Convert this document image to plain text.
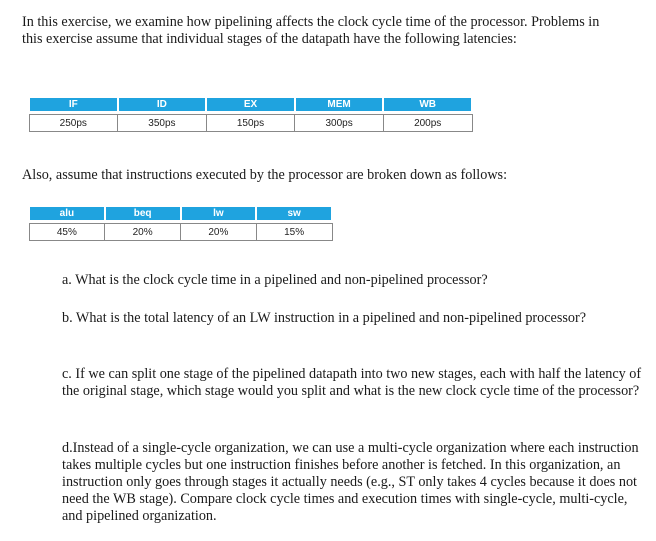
In this exercise, we examine how pipelining affects the clock cycle time of the processor. Problems in this exercise assume that individual stages of the datapath have the following latencies:

IF	ID	EX	MEM	WB

250ps	350ps	150ps	300ps	200ps

Also, assume that instructions executed by the processor are broken down as follows:

alu	beq	lw	sw

45%	20%	20%	15%

a. What is the clock cycle time in a pipelined and non-pipelined processor?

b. What is the total latency of an LW instruction in a pipelined and non-pipelined processor?

c. If we can split one stage of the pipelined datapath into two new stages, each with half the latency of the original stage, which stage would you split and what is the new clock cycle time of the processor?

d.Instead of a single-cycle organization, we can use a multi-cycle organization where each instruction takes multiple cycles but one instruction finishes before another is fetched. In this organization, an instruction only goes through stages it actually needs (e.g., ST only takes 4 cycles because it does not need the WB stage). Compare clock cycle times and execution times with single-cycle, multi-cycle, and pipelined organization.
